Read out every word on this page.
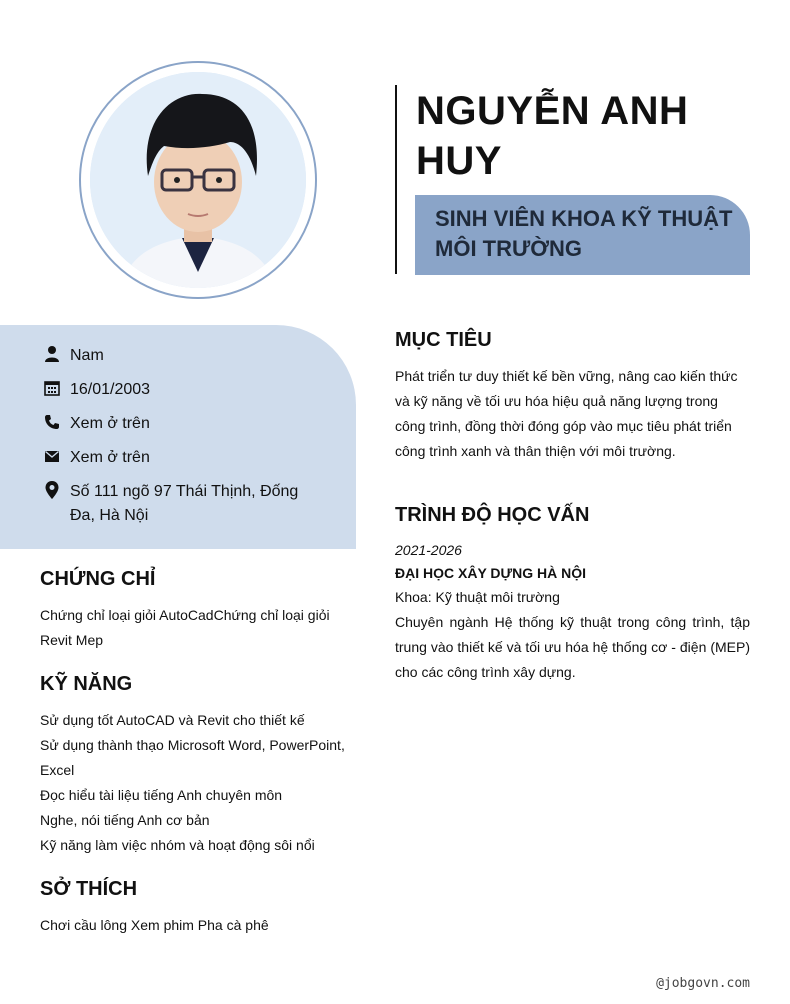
NGUYỄN ANH HUY

SINH VIÊN KHOA KỸ THUẬT MÔI TRƯỜNG

Nam
16/01/2003
Xem ở trên
Xem ở trên
Số 111 ngõ 97 Thái Thịnh, Đống Đa, Hà Nội
CHỨNG CHỈ

Chứng chỉ loại giỏi AutoCadChứng chỉ loại giỏi Revit Mep

KỸ NĂNG
Sử dụng tốt AutoCAD và Revit cho thiết kế
Sử dụng thành thạo Microsoft Word, PowerPoint, Excel
Đọc hiểu tài liệu tiếng Anh chuyên môn
Nghe, nói tiếng Anh cơ bản
Kỹ năng làm việc nhóm và hoạt động sôi nổi
SỞ THÍCH

Chơi cầu lông Xem phim Pha cà phê

MỤC TIÊU

Phát triển tư duy thiết kế bền vững, nâng cao kiến thức và kỹ năng về tối ưu hóa hiệu quả năng lượng trong công trình, đồng thời đóng góp vào mục tiêu phát triển công trình xanh và thân thiện với môi trường.

TRÌNH ĐỘ HỌC VẤN
2021-2026
ĐẠI HỌC XÂY DỰNG HÀ NỘI
Khoa: Kỹ thuật môi trường

Chuyên ngành Hệ thống kỹ thuật trong công trình, tập trung vào thiết kế và tối ưu hóa hệ thống cơ - điện (MEP) cho các công trình xây dựng.

@jobgovn.com
